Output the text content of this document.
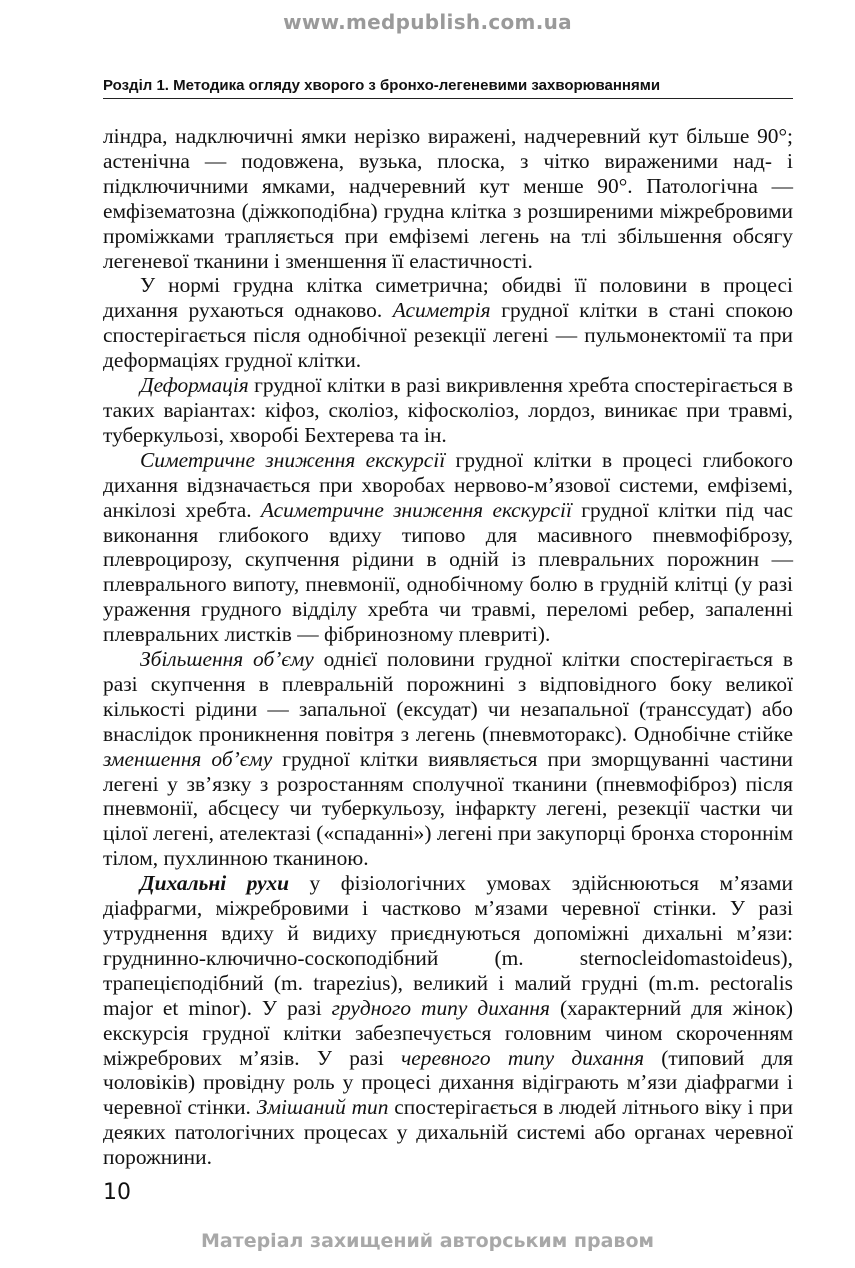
www.medpublish.com.ua
Розділ 1. Методика огляду хворого з бронхо-легеневими захворюваннями

ліндра, надключичні ямки нерізко виражені, надчеревний кут більше 90°; астенічна — подовжена, вузька, плоска, з чітко вираженими над- і підключичними ямками, надчеревний кут менше 90°. Патологічна — емфізематозна (діжкоподібна) грудна клітка з розширеними міжребровими проміжками трапляється при емфіземі легень на тлі збільшення обсягу легеневої тканини і зменшення її еластичності.

У нормі грудна клітка симетрична; обидві її половини в процесі дихання рухаються однаково. Асиметрія грудної клітки в стані спокою спостерігається після однобічної резекції легені — пульмонектомії та при деформаціях грудної клітки.

Деформація грудної клітки в разі викривлення хребта спостерігається в таких варіантах: кіфоз, сколіоз, кіфосколіоз, лордоз, виникає при травмі, туберкульозі, хворобі Бехтерева та ін.

Симетричне зниження екскурсії грудної клітки в процесі глибокого дихання відзначається при хворобах нервово-м’язової системи, емфіземі, анкілозі хребта. Асиметричне зниження екскурсії грудної клітки під час виконання глибокого вдиху типово для масивного пневмофіброзу, плевроцирозу, скупчення рідини в одній із плевральних порожнин — плеврального випоту, пневмонії, однобічному болю в грудній клітці (у разі ураження грудного відділу хребта чи травмі, переломі ребер, запаленні плевральних листків — фібринозному плевриті).

Збільшення об’єму однієї половини грудної клітки спостерігається в разі скупчення в плевральній порожнині з відповідного боку великої кількості рідини — запальної (ексудат) чи незапальної (транссудат) або внаслідок проникнення повітря з легень (пневмоторакс). Однобічне стійке зменшення об’єму грудної клітки виявляється при зморщуванні частини легені у зв’язку з розростанням сполучної тканини (пневмофіброз) після пневмонії, абсцесу чи туберкульозу, інфаркту легені, резекції частки чи цілої легені, ателектазі («спаданні») легені при закупорці бронха стороннім тілом, пухлинною тканиною.

Дихальні рухи у фізіологічних умовах здійснюються м’язами діафрагми, міжребровими і частково м’язами черевної стінки. У разі утруднення вдиху й видиху приєднуються допоміжні дихальні м’язи: груднинно-ключично-соскоподібний (m. sternocleidomastoideus), трапецієподібний (m. trapezius), великий і малий грудні (m.m. pectoralis major et minor). У разі грудного типу дихання (характерний для жінок) екскурсія грудної клітки забезпечується головним чином скороченням міжребрових м’язів. У разі черевного типу дихання (типовий для чоловіків) провідну роль у процесі дихання відіграють м’язи діафрагми і черевної стінки. Змішаний тип спостерігається в людей літнього віку і при деяких патологічних процесах у дихальній системі або органах черевної порожнини.

10
Матеріал захищений авторським правом
